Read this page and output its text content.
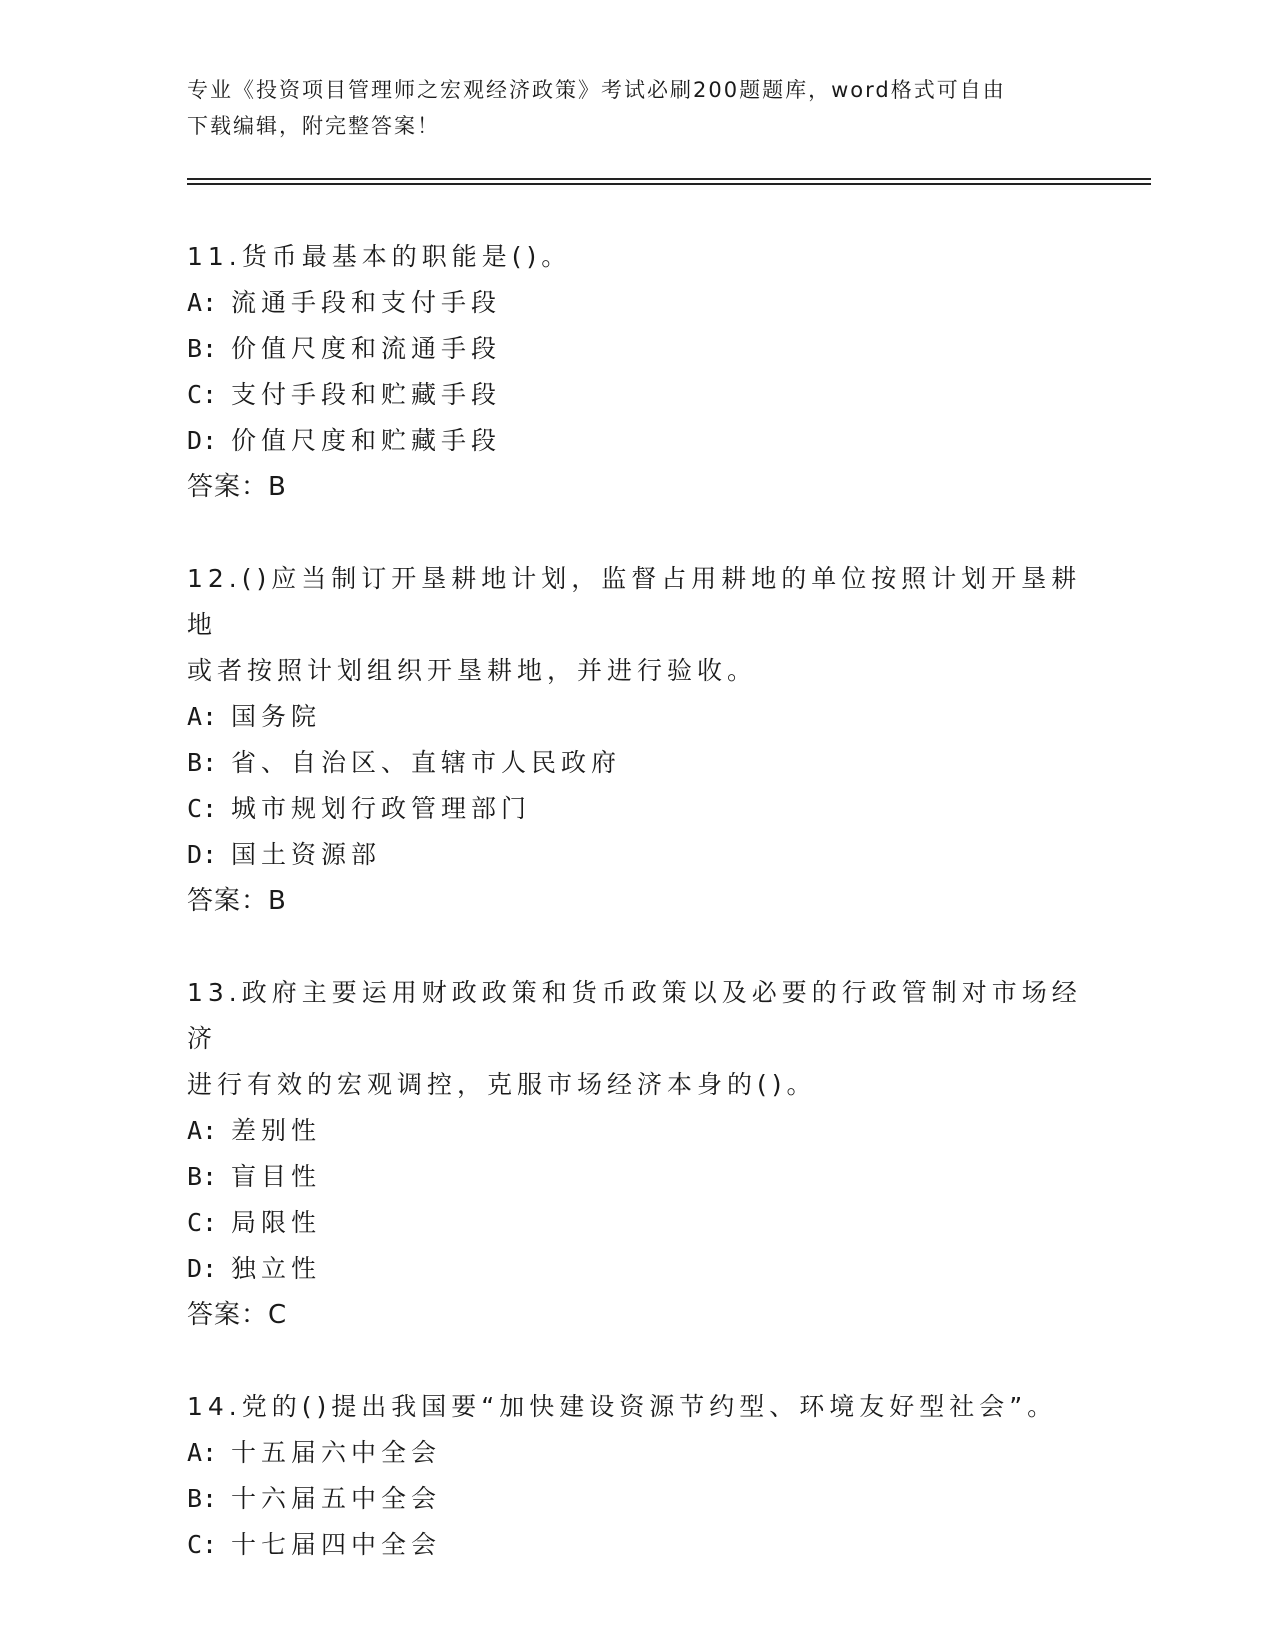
专业《投资项目管理师之宏观经济政策》考试必刷200题题库，word格式可自由
下载编辑，附完整答案！
11.货币最基本的职能是()。
A: 流通手段和支付手段
B: 价值尺度和流通手段
C: 支付手段和贮藏手段
D: 价值尺度和贮藏手段
答案：B
12.()应当制订开垦耕地计划，监督占用耕地的单位按照计划开垦耕地
或者按照计划组织开垦耕地，并进行验收。
A: 国务院
B: 省、自治区、直辖市人民政府
C: 城市规划行政管理部门
D: 国土资源部
答案：B
13.政府主要运用财政政策和货币政策以及必要的行政管制对市场经济
进行有效的宏观调控，克服市场经济本身的()。
A: 差别性
B: 盲目性
C: 局限性
D: 独立性
答案：C
14.党的()提出我国要“加快建设资源节约型、环境友好型社会”。
A: 十五届六中全会
B: 十六届五中全会
C: 十七届四中全会
